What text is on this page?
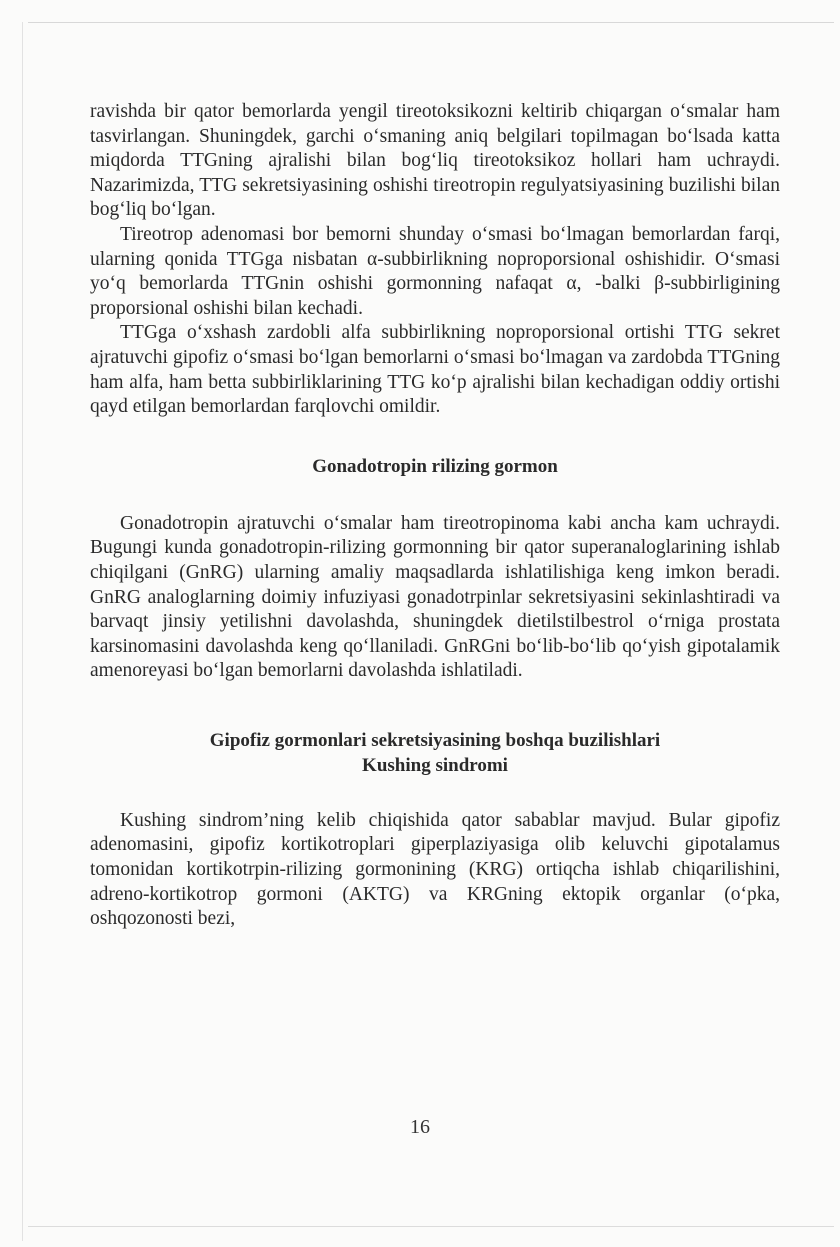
ravishda bir qator bemorlarda yengil tireotoksikozni keltirib chiqargan o‘smalar ham tasvirlangan. Shuningdek, garchi o‘smaning aniq belgilari topilmagan bo‘lsada katta miqdorda TTGning ajralishi bilan bog‘liq tireotoksikoz hollari ham uchraydi. Nazarimizda, TTG sekretsiyasining oshishi tireotropin regulyatsiyasining buzilishi bilan bog‘liq bo‘lgan.

Tireotrop adenomasi bor bemorni shunday o‘smasi bo‘lmagan bemorlardan farqi, ularning qonida TTGga nisbatan α-subbirlikning noproporsional oshishidir. O‘smasi yo‘q bemorlarda TTGnin oshishi gormonning nafaqat α, -balki β-subbirligining proporsional oshishi bilan kechadi.

TTGga o‘xshash zardobli alfa subbirlikning noproporsional ortishi TTG sekret ajratuvchi gipofiz o‘smasi bo‘lgan bemorlarni o‘smasi bo‘lmagan va zardobda TTGning ham alfa, ham betta subbirliklarining TTG ko‘p ajralishi bilan kechadigan oddiy ortishi qayd etilgan bemorlardan farqlovchi omildir.

Gonadotropin rilizing gormon

Gonadotropin ajratuvchi o‘smalar ham tireotropinoma kabi ancha kam uchraydi. Bugungi kunda gonadotropin-rilizing gormonning bir qator superanaloglarining ishlab chiqilgani (GnRG) ularning amaliy maqsadlarda ishlatilishiga keng imkon beradi. GnRG analoglarning doimiy infuziyasi gonadotrpinlar sekretsiyasini sekinlashtiradi va barvaqt jinsiy yetilishni davolashda, shuningdek dietilstilbestrol o‘rniga prostata karsinomasini davolashda keng qo‘llaniladi. GnRGni bo‘lib-bo‘lib qo‘yish gipotalamik amenoreyasi bo‘lgan bemorlarni davolashda ishlatiladi.

Gipofiz gormonlari sekretsiyasining boshqa buzilishlari
Kushing sindromi

Kushing sindrom’ning kelib chiqishida qator sabablar mavjud. Bular gipofiz adenomasini, gipofiz kortikotroplari giperplaziyasiga olib keluvchi gipotalamus tomonidan kortikotrpin-rilizing gormonining (KRG) ortiqcha ishlab chiqarilishini, adreno-kortikotrop gormoni (AKTG) va KRGning ektopik organlar (o‘pka, oshqozonosti bezi,

16
